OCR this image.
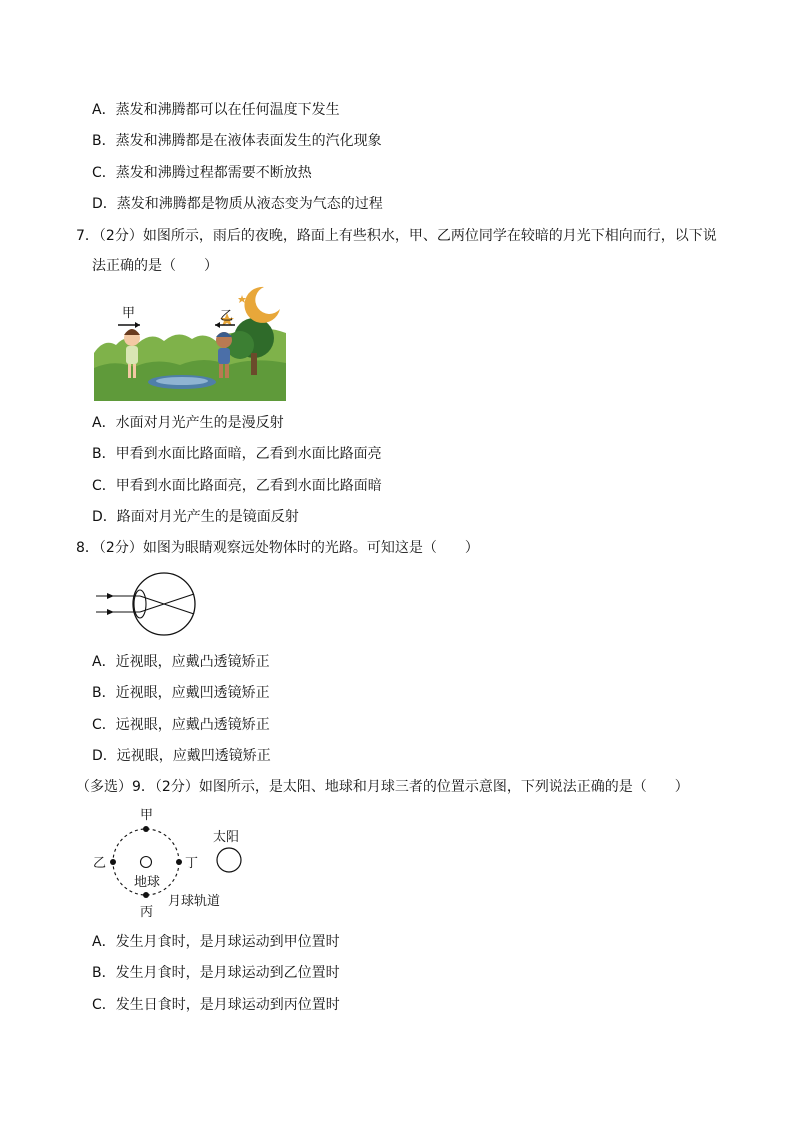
A．蒸发和沸腾都可以在任何温度下发生
B．蒸发和沸腾都是在液体表面发生的汽化现象
C．蒸发和沸腾过程都需要不断放热
D．蒸发和沸腾都是物质从液态变为气态的过程
7．（2分）如图所示，雨后的夜晚，路面上有些积水，甲、乙两位同学在较暗的月光下相向而行，以下说
法正确的是（　　）
甲	乙
A．水面对月光产生的是漫反射
B．甲看到水面比路面暗，乙看到水面比路面亮
C．甲看到水面比路面亮，乙看到水面比路面暗
D．路面对月光产生的是镜面反射
8．（2分）如图为眼睛观察远处物体时的光路。可知这是（　　）
A．近视眼，应戴凸透镜矫正
B．近视眼，应戴凹透镜矫正
C．远视眼，应戴凸透镜矫正
D．远视眼，应戴凹透镜矫正
（多选）9．（2分）如图所示，是太阳、地球和月球三者的位置示意图，下列说法正确的是（　　）
甲
乙	丁
丙
地球
太阳
月球轨道
A．发生月食时，是月球运动到甲位置时
B．发生月食时，是月球运动到乙位置时
C．发生日食时，是月球运动到丙位置时
